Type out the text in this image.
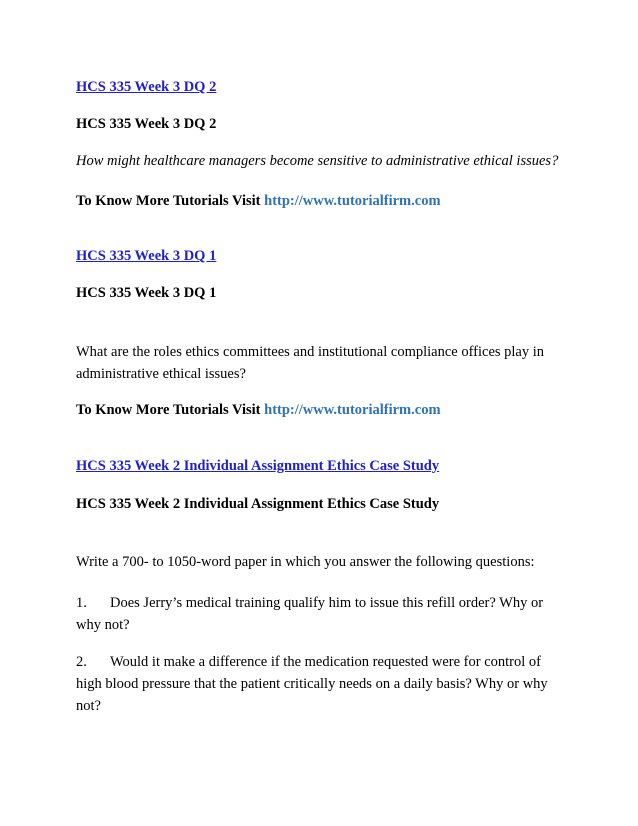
HCS 335 Week 3 DQ 2
HCS 335 Week 3 DQ 2
How might healthcare managers become sensitive to administrative ethical issues?
To Know More Tutorials Visit http://www.tutorialfirm.com
HCS 335 Week 3 DQ 1
HCS 335 Week 3 DQ 1
What are the roles ethics committees and institutional compliance offices play in administrative ethical issues?
To Know More Tutorials Visit http://www.tutorialfirm.com
HCS 335 Week 2 Individual Assignment Ethics Case Study
HCS 335 Week 2 Individual Assignment Ethics Case Study
Write a 700- to 1050-word paper in which you answer the following questions:
1. Does Jerry’s medical training qualify him to issue this refill order? Why or why not?
2. Would it make a difference if the medication requested were for control of high blood pressure that the patient critically needs on a daily basis? Why or why not?
